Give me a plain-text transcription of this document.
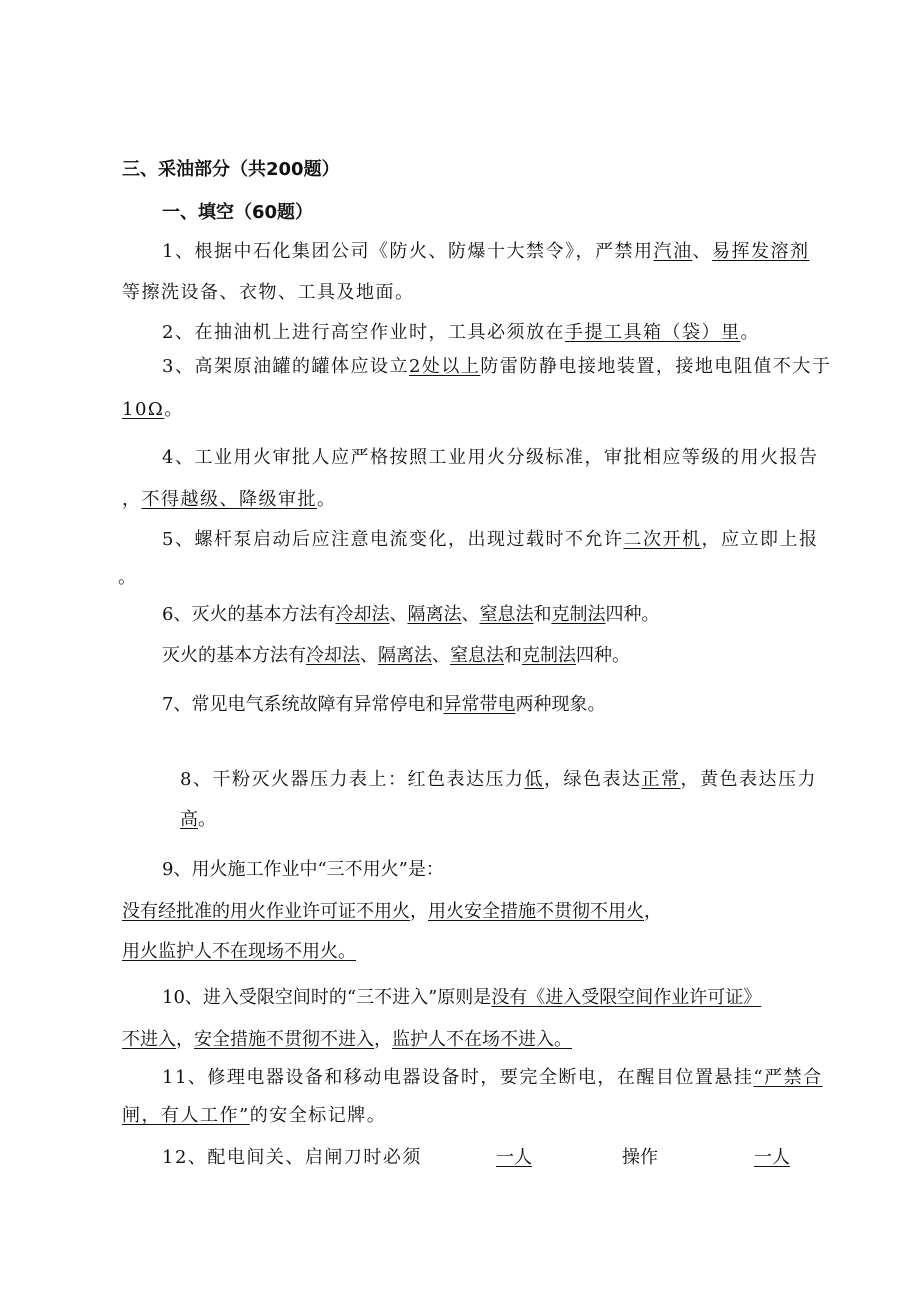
三、采油部分（共200题）
一、填空（60题）
1、根据中石化集团公司《防火、防爆十大禁令》，严禁用汽油、易挥发溶剂
等擦洗设备、衣物、工具及地面。
2、在抽油机上进行高空作业时，工具必须放在手提工具箱（袋）里。
3、高架原油罐的罐体应设立2处以上防雷防静电接地装置，接地电阻值不大于
10Ω。
4、工业用火审批人应严格按照工业用火分级标准，审批相应等级的用火报告
，不得越级、降级审批。
5、螺杆泵启动后应注意电流变化，出现过载时不允许二次开机，应立即上报
。
6、灭火的基本方法有冷却法、隔离法、窒息法和克制法四种。
灭火的基本方法有冷却法、隔离法、窒息法和克制法四种。
7、常见电气系统故障有异常停电和异常带电两种现象。
8、干粉灭火器压力表上：红色表达压力低，绿色表达正常，黄色表达压力
高。
9、用火施工作业中“三不用火”是：
没有经批准的用火作业许可证不用火，用火安全措施不贯彻不用火，
用火监护人不在现场不用火。
10、进入受限空间时的“三不进入”原则是没有《进入受限空间作业许可证》
不进入，安全措施不贯彻不进入，监护人不在场不进入。
11、修理电器设备和移动电器设备时，要完全断电，在醒目位置悬挂“严禁合
闸，有人工作”的安全标记牌。
12、配电间关、启闸刀时必须	一人	操作	一人
